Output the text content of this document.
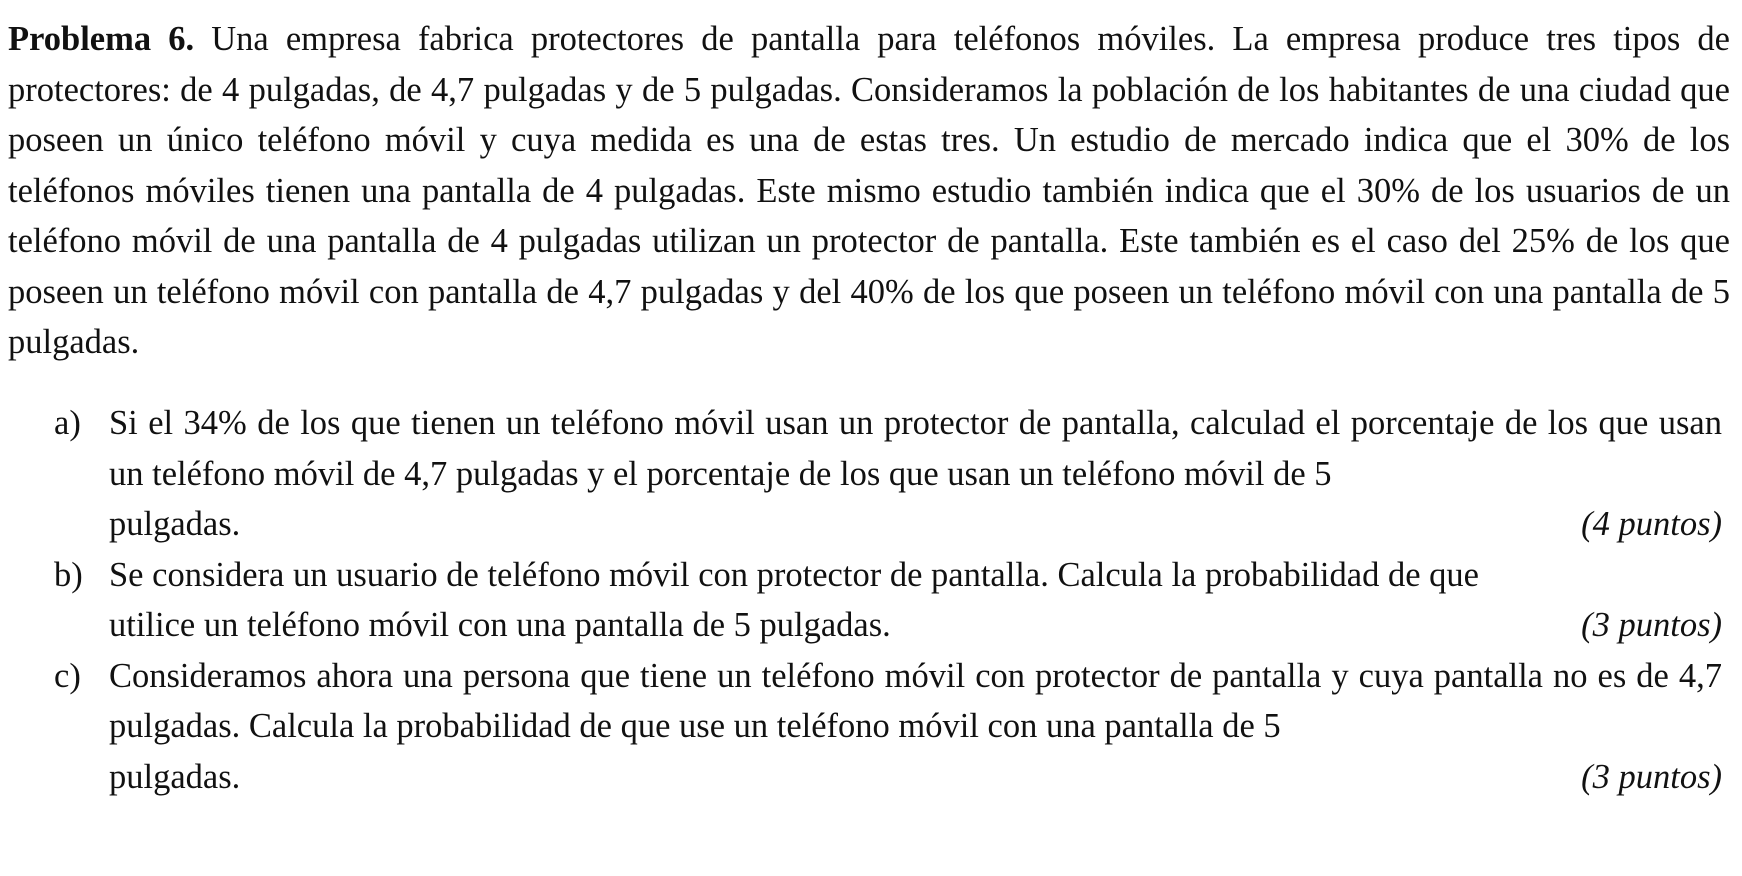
Problema 6. Una empresa fabrica protectores de pantalla para teléfonos móviles. La empresa produce tres tipos de protectores: de 4 pulgadas, de 4,7 pulgadas y de 5 pulgadas. Consideramos la población de los habitantes de una ciudad que poseen un único teléfono móvil y cuya medida es una de estas tres. Un estudio de mercado indica que el 30% de los teléfonos móviles tienen una pantalla de 4 pulgadas. Este mismo estudio también indica que el 30% de los usuarios de un teléfono móvil de una pantalla de 4 pulgadas utilizan un protector de pantalla. Este también es el caso del 25% de los que poseen un teléfono móvil con pantalla de 4,7 pulgadas y del 40% de los que poseen un teléfono móvil con una pantalla de 5 pulgadas.

a) Si el 34% de los que tienen un teléfono móvil usan un protector de pantalla, calculad el porcentaje de los que usan un teléfono móvil de 4,7 pulgadas y el porcentaje de los que usan un teléfono móvil de 5
(4 puntos)
pulgadas.
b) Se considera un usuario de teléfono móvil con protector de pantalla. Calcula la probabilidad de que
(3 puntos)
utilice un teléfono móvil con una pantalla de 5 pulgadas.
c) Consideramos ahora una persona que tiene un teléfono móvil con protector de pantalla y cuya pantalla no es de 4,7 pulgadas. Calcula la probabilidad de que use un teléfono móvil con una pantalla de 5
(3 puntos)
pulgadas.
